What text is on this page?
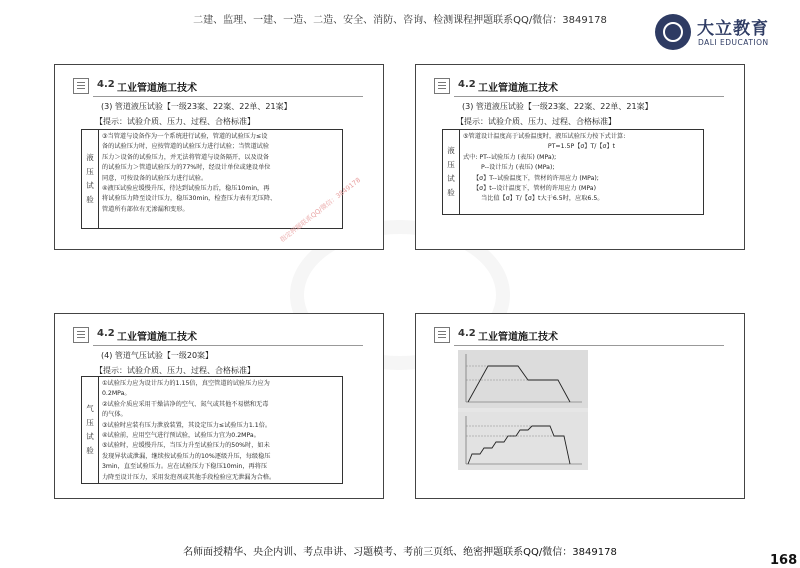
二建、监理、一建、一造、二造、安全、消防、咨询、检测课程押题联系QQ/微信：3849178	大立教育
DALI EDUCATION
4.2 工业管道施工技术
(3) 管道液压试验【一级23案、22案、22单、21案】
【提示：试验介质、压力、过程、合格标准】
液压试验

③当管道与设备作为一个系统进行试验，管道的试验压力≤设

备的试验压力时，应按管道的试验压力进行试验；当管道试验

压力＞设备的试验压力，并无法将管道与设备隔开，以及设备

的试验压力＞管道试验压力的77%时，经设计单位或建设单位

同意，可按设备的试验压力进行试验。

④液压试验应缓慢升压，待达到试验压力后，稳压10min，再

将试验压力降至设计压力，稳压30min，检查压力表有无压降、

管道所有部位有无渗漏和变形。	指定押题联系QQ/微信：3849178
4.2 工业管道施工技术
(3) 管道液压试验【一级23案、22案、22单、21案】
【提示：试验介质、压力、过程、合格标准】
液压试验

⑤管道设计温度高于试验温度时，液压试验压力按下式计算:

PT=1.5P【σ】T/【σ】t

式中: PT--试验压力 (表压) (MPa);

P--设计压力 (表压) (MPa);

【σ】T--试验温度下，管材的许用应力 (MPa);

【σ】t--设计温度下，管材的许用应力 (MPa)

当比值【σ】T/【σ】t大于6.5时，应取6.5。

4.2 工业管道施工技术
(4) 管道气压试验【一级20案】
【提示：试验介质、压力、过程、合格标准】
气压试验

①试验压力应为设计压力的1.15倍，真空管道的试验压力应为

0.2MPa。

②试验介质应采用干燥洁净的空气、氮气或其他不易燃和无毒

的气体。

③试验时应装有压力泄放装置，其设定压力≤试验压力1.1倍。

④试验前，应用空气进行预试验，试验压力宜为0.2MPa。

⑤试验时，应缓慢升压，当压力升至试验压力的50%时，如未

发现异状或泄漏，继续按试验压力的10%逐级升压，每级稳压

3min，直至试验压力。应在试验压力下稳压10min，再将压

力降至设计压力，采用发泡剂或其他手段检验应无泄漏为合格。

4.2 工业管道施工技术
名师面授精华、央企内训、考点串讲、习题模考、考前三页纸、绝密押题联系QQ/微信：3849178
168
